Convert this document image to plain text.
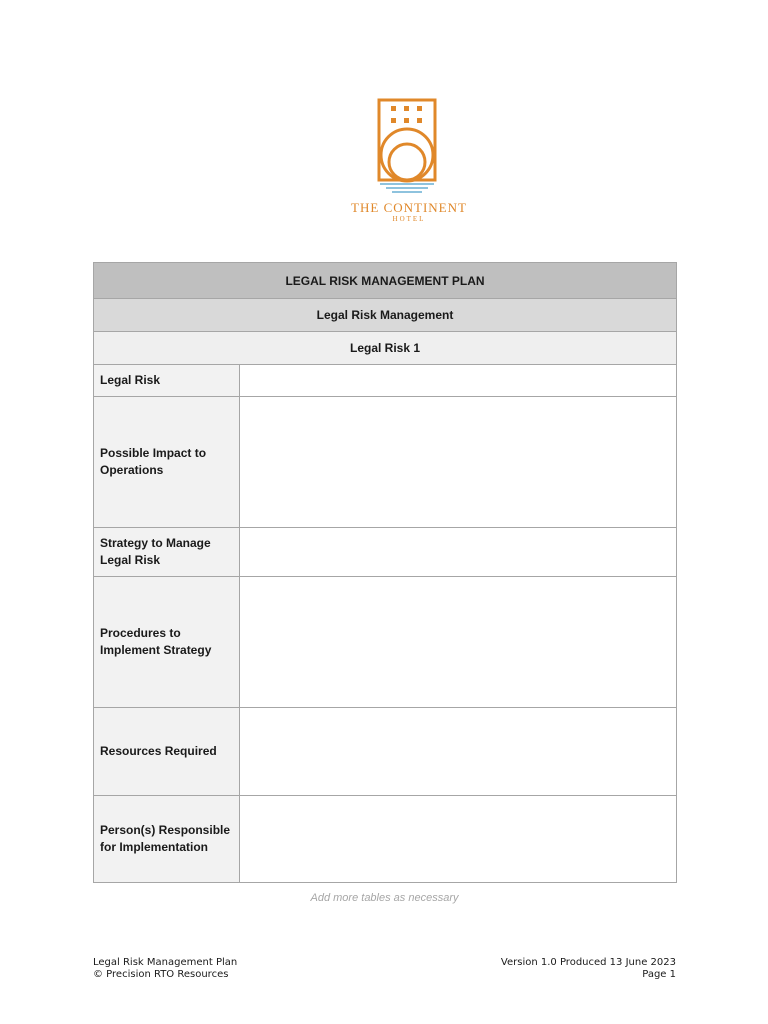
THE CONTINENT
HOTEL
LEGAL RISK MANAGEMENT PLAN	
Legal Risk Management	
Legal Risk 1	
Legal Risk	
Possible Impact to Operations	
Strategy to Manage Legal Risk	
Procedures to Implement Strategy	
Resources Required	
Person(s) Responsible for Implementation	
Add more tables as necessary
Legal Risk Management Plan
© Precision RTO Resources
Version 1.0 Produced 13 June 2023
Page 1
